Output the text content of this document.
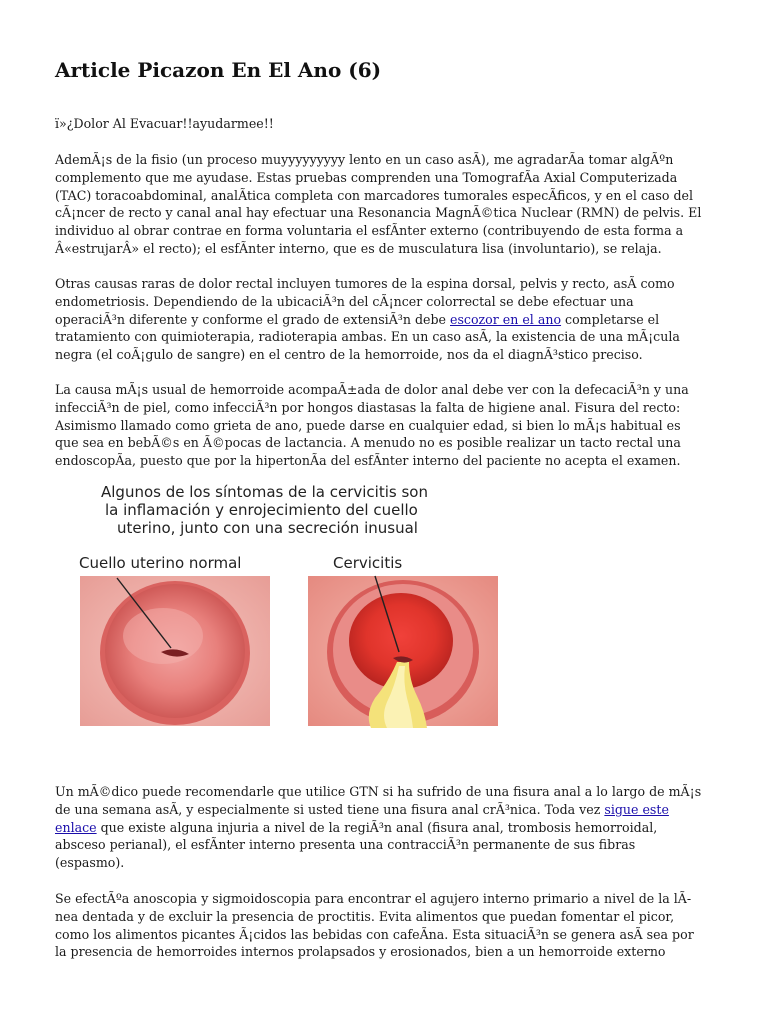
Article Picazon En El Ano (6)

ï»¿Dolor Al Evacuar!!ayudarmee!!

AdemÃ¡s de la fisio (un proceso muyyyyyyyyy lento en un caso asÃ), me agradarÃa tomar algÃºn
complemento que me ayudase. Estas pruebas comprenden una TomografÃa Axial Computerizada
(TAC) toracoabdominal, analÃtica completa con marcadores tumorales especÃficos, y en el caso del
cÃ¡ncer de recto y canal anal hay efectuar una Resonancia MagnÃ©tica Nuclear (RMN) de pelvis. El
individuo al obrar contrae en forma voluntaria el esfÃnter externo (contribuyendo de esta forma a
Â«estrujarÂ» el recto); el esfÃnter interno, que es de musculatura lisa (involuntario), se relaja.

Otras causas raras de dolor rectal incluyen tumores de la espina dorsal, pelvis y recto, asÃ como
endometriosis. Dependiendo de la ubicaciÃ³n del cÃ¡ncer colorrectal se debe efectuar una
operaciÃ³n diferente y conforme el grado de extensiÃ³n debe escozor en el ano completarse el
tratamiento con quimioterapia, radioterapia ambas. En un caso asÃ, la existencia de una mÃ¡cula
negra (el coÃ¡gulo de sangre) en el centro de la hemorroide, nos da el diagnÃ³stico preciso.

La causa mÃ¡s usual de hemorroide acompaÃ±ada de dolor anal debe ver con la defecaciÃ³n y una
infecciÃ³n de piel, como infecciÃ³n por hongos diastasas la falta de higiene anal. Fisura del recto:
Asimismo llamado como grieta de ano, puede darse en cualquier edad, si bien lo mÃ¡s habitual es
que sea en bebÃ©s en Ã©pocas de lactancia. A menudo no es posible realizar un tacto rectal una
endoscopÃa, puesto que por la hipertonÃa del esfÃnter interno del paciente no acepta el examen.

Algunos de los síntomas de la cervicitis son
la inflamación y enrojecimiento del cuello
uterino, junto con una secreción inusual
Cuello uterino normal	Cervicitis

Un mÃ©dico puede recomendarle que utilice GTN si ha sufrido de una fisura anal a lo largo de mÃ¡s
de una semana asÃ, y especialmente si usted tiene una fisura anal crÃ³nica. Toda vez sigue este
enlace que existe alguna injuria a nivel de la regiÃ³n anal (fisura anal, trombosis hemorroidal,
absceso perianal), el esfÃnter interno presenta una contracciÃ³n permanente de sus fibras
(espasmo).

Se efectÃºa anoscopia y sigmoidoscopia para encontrar el agujero interno primario a nivel de la lÃ-
nea dentada y de excluir la presencia de proctitis. Evita alimentos que puedan fomentar el picor,
como los alimentos picantes Ã¡cidos las bebidas con cafeÃna. Esta situaciÃ³n se genera asÃ sea por
la presencia de hemorroides internos prolapsados y erosionados, bien a un hemorroide externo
